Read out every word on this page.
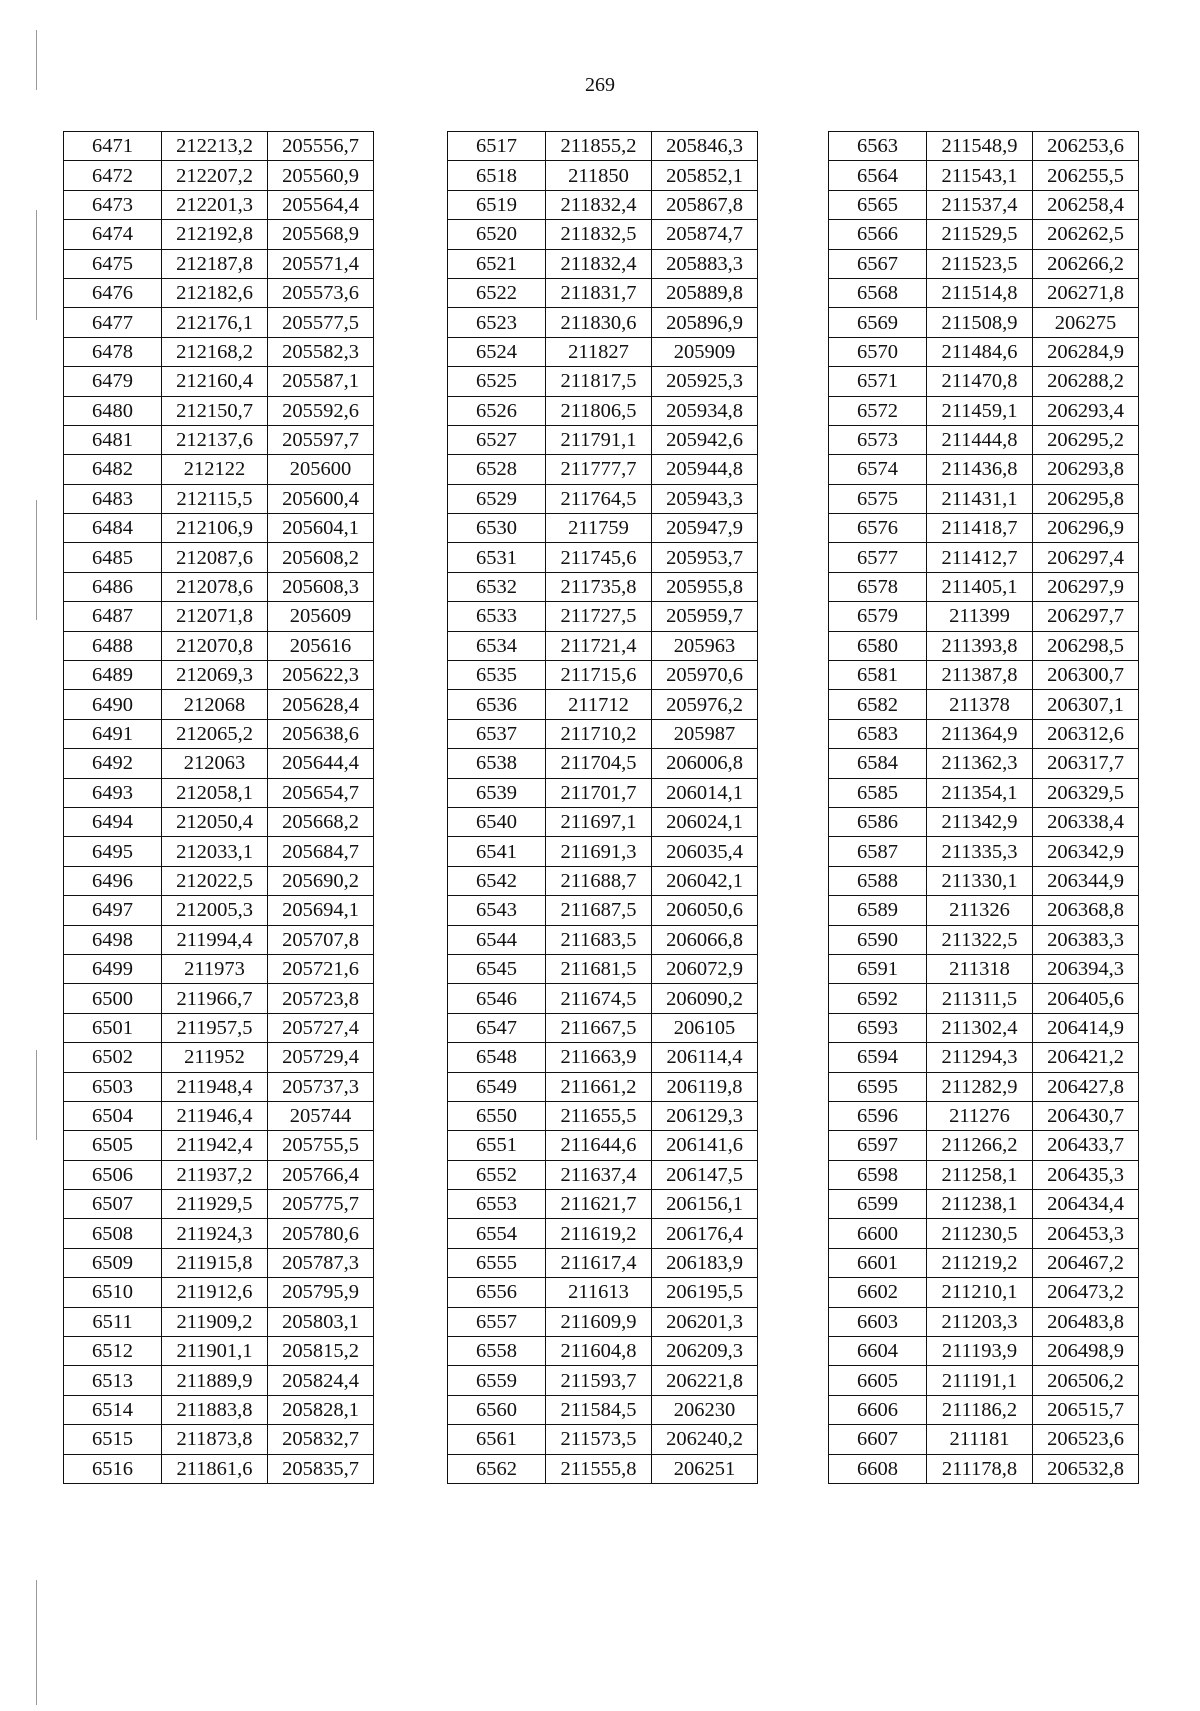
269
6471	212213,2	205556,7
6472	212207,2	205560,9
6473	212201,3	205564,4
6474	212192,8	205568,9
6475	212187,8	205571,4
6476	212182,6	205573,6
6477	212176,1	205577,5
6478	212168,2	205582,3
6479	212160,4	205587,1
6480	212150,7	205592,6
6481	212137,6	205597,7
6482	212122	205600
6483	212115,5	205600,4
6484	212106,9	205604,1
6485	212087,6	205608,2
6486	212078,6	205608,3
6487	212071,8	205609
6488	212070,8	205616
6489	212069,3	205622,3
6490	212068	205628,4
6491	212065,2	205638,6
6492	212063	205644,4
6493	212058,1	205654,7
6494	212050,4	205668,2
6495	212033,1	205684,7
6496	212022,5	205690,2
6497	212005,3	205694,1
6498	211994,4	205707,8
6499	211973	205721,6
6500	211966,7	205723,8
6501	211957,5	205727,4
6502	211952	205729,4
6503	211948,4	205737,3
6504	211946,4	205744
6505	211942,4	205755,5
6506	211937,2	205766,4
6507	211929,5	205775,7
6508	211924,3	205780,6
6509	211915,8	205787,3
6510	211912,6	205795,9
6511	211909,2	205803,1
6512	211901,1	205815,2
6513	211889,9	205824,4
6514	211883,8	205828,1
6515	211873,8	205832,7
6516	211861,6	205835,7
6517	211855,2	205846,3
6518	211850	205852,1
6519	211832,4	205867,8
6520	211832,5	205874,7
6521	211832,4	205883,3
6522	211831,7	205889,8
6523	211830,6	205896,9
6524	211827	205909
6525	211817,5	205925,3
6526	211806,5	205934,8
6527	211791,1	205942,6
6528	211777,7	205944,8
6529	211764,5	205943,3
6530	211759	205947,9
6531	211745,6	205953,7
6532	211735,8	205955,8
6533	211727,5	205959,7
6534	211721,4	205963
6535	211715,6	205970,6
6536	211712	205976,2
6537	211710,2	205987
6538	211704,5	206006,8
6539	211701,7	206014,1
6540	211697,1	206024,1
6541	211691,3	206035,4
6542	211688,7	206042,1
6543	211687,5	206050,6
6544	211683,5	206066,8
6545	211681,5	206072,9
6546	211674,5	206090,2
6547	211667,5	206105
6548	211663,9	206114,4
6549	211661,2	206119,8
6550	211655,5	206129,3
6551	211644,6	206141,6
6552	211637,4	206147,5
6553	211621,7	206156,1
6554	211619,2	206176,4
6555	211617,4	206183,9
6556	211613	206195,5
6557	211609,9	206201,3
6558	211604,8	206209,3
6559	211593,7	206221,8
6560	211584,5	206230
6561	211573,5	206240,2
6562	211555,8	206251
6563	211548,9	206253,6
6564	211543,1	206255,5
6565	211537,4	206258,4
6566	211529,5	206262,5
6567	211523,5	206266,2
6568	211514,8	206271,8
6569	211508,9	206275
6570	211484,6	206284,9
6571	211470,8	206288,2
6572	211459,1	206293,4
6573	211444,8	206295,2
6574	211436,8	206293,8
6575	211431,1	206295,8
6576	211418,7	206296,9
6577	211412,7	206297,4
6578	211405,1	206297,9
6579	211399	206297,7
6580	211393,8	206298,5
6581	211387,8	206300,7
6582	211378	206307,1
6583	211364,9	206312,6
6584	211362,3	206317,7
6585	211354,1	206329,5
6586	211342,9	206338,4
6587	211335,3	206342,9
6588	211330,1	206344,9
6589	211326	206368,8
6590	211322,5	206383,3
6591	211318	206394,3
6592	211311,5	206405,6
6593	211302,4	206414,9
6594	211294,3	206421,2
6595	211282,9	206427,8
6596	211276	206430,7
6597	211266,2	206433,7
6598	211258,1	206435,3
6599	211238,1	206434,4
6600	211230,5	206453,3
6601	211219,2	206467,2
6602	211210,1	206473,2
6603	211203,3	206483,8
6604	211193,9	206498,9
6605	211191,1	206506,2
6606	211186,2	206515,7
6607	211181	206523,6
6608	211178,8	206532,8
